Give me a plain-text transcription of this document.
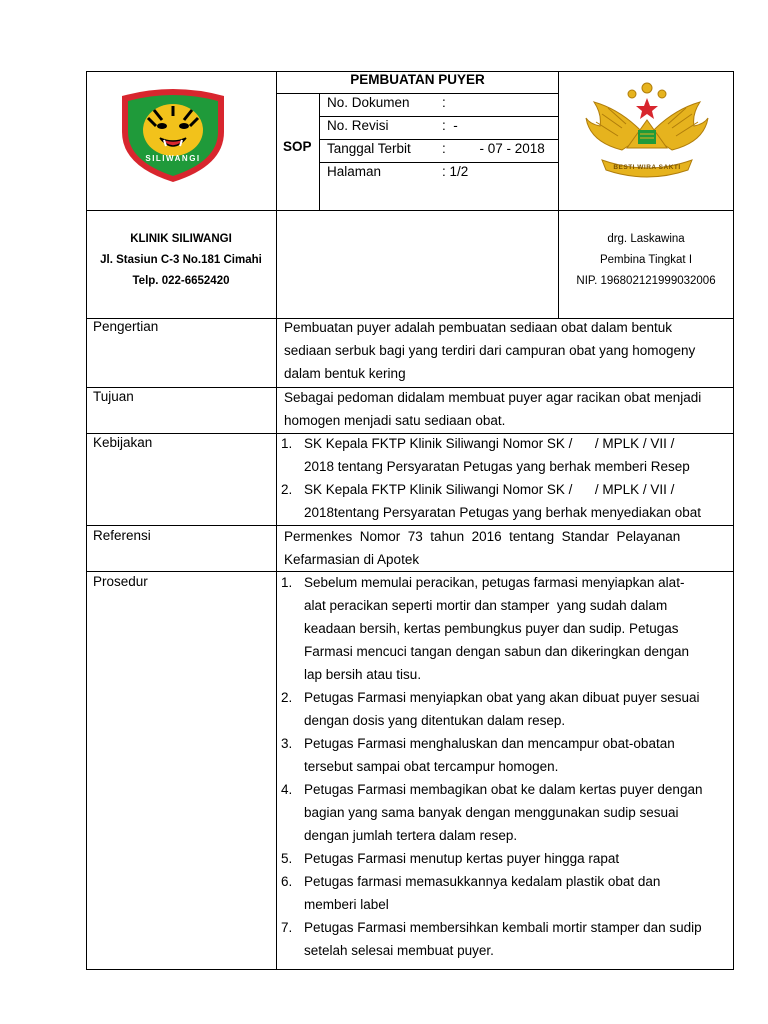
SILIWANGI
BESTI WIRA SAKTI
PEMBUATAN PUYER
SOP
No. Dokumen :
No. Revisi	:  -
Tanggal Terbit :         - 07 - 2018
Halaman	: 1/2
KLINIK SILIWANGI
Jl. Stasiun C-3 No.181 Cimahi
Telp. 022-6652420
drg. Laskawina
Pembina Tingkat I
NIP. 196802121999032006
Pengertian	Pembuatan puyer adalah pembuatan sediaan obat dalam bentuk
sediaan serbuk bagi yang terdiri dari campuran obat yang homogeny
dalam bentuk kering
Tujuan	Sebagai pedoman didalam membuat puyer agar racikan obat menjadi
homogen menjadi satu sediaan obat.
Kebijakan	1. SK Kepala FKTP Klinik Siliwangi Nomor SK /      / MPLK / VII /
2018 tentang Persyaratan Petugas yang berhak memberi Resep
2. SK Kepala FKTP Klinik Siliwangi Nomor SK /      / MPLK / VII /
2018tentang Persyaratan Petugas yang berhak menyediakan obat
Referensi	Permenkes  Nomor  73  tahun  2016  tentang  Standar  Pelayanan
Kefarmasian di Apotek
Prosedur	1. Sebelum memulai peracikan, petugas farmasi menyiapkan alat-
alat peracikan seperti mortir dan stamper  yang sudah dalam
keadaan bersih, kertas pembungkus puyer dan sudip. Petugas
Farmasi mencuci tangan dengan sabun dan dikeringkan dengan
lap bersih atau tisu.
2. Petugas Farmasi menyiapkan obat yang akan dibuat puyer sesuai
dengan dosis yang ditentukan dalam resep.
3. Petugas Farmasi menghaluskan dan mencampur obat-obatan
tersebut sampai obat tercampur homogen.
4. Petugas Farmasi membagikan obat ke dalam kertas puyer dengan
bagian yang sama banyak dengan menggunakan sudip sesuai
dengan jumlah tertera dalam resep.
5. Petugas Farmasi menutup kertas puyer hingga rapat
6. Petugas farmasi memasukkannya kedalam plastik obat dan
memberi label
7. Petugas Farmasi membersihkan kembali mortir stamper dan sudip
setelah selesai membuat puyer.
